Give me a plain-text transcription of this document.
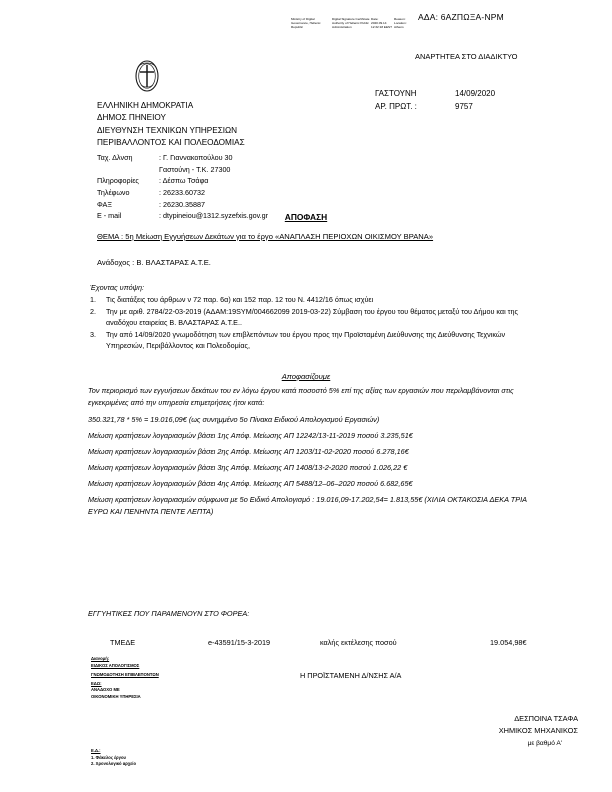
ΑΔΑ: 6ΑΖΠΩΞΑ-ΝΡΜ
Ministry of Digital Governance, Hellenic Republic
Digital Signature Certificate Authority of Hellenic Public Administration
Date: 2020.09.14 12:32:18 EEST
Reason: Location: Athens
ΑΝΑΡΤΗΤΕΑ ΣΤΟ ΔΙΑΔΙΚΤΥΟ
ΕΛΛΗΝΙΚΗ ΔΗΜΟΚΡΑΤΙΑ
ΔΗΜΟΣ ΠΗΝΕΙΟΥ
ΔΙΕΥΘΥΝΣΗ ΤΕΧΝΙΚΩΝ ΥΠΗΡΕΣΙΩΝ
ΠΕΡΙΒΑΛΛΟΝΤΟΣ ΚΑΙ ΠΟΛΕΟΔΟΜΙΑΣ
Ταχ. Δλνση	: Γ. Γιαννακοπούλου 30
Γαστούνη - Τ.Κ. 27300
Πληροφορίες	: Δέσπω Τσάφα
Τηλέφωνο	: 26233.60732
ΦΑΞ	: 26230.35887
E - mail	: dtypineiou@1312.syzefxis.gov.gr
ΓΑΣΤΟΥΝΗ	14/09/2020
ΑΡ. ΠΡΩΤ. :	9757
ΑΠΟΦΑΣΗ
ΘΕΜΑ : 5η Μείωση Εγγυήσεων Δεκάτων για το έργο «ΑΝΑΠΛΑΣΗ ΠΕΡΙΟΧΩΝ ΟΙΚΙΣΜΟΥ ΒΡΑΝΑ»
Ανάδοχος : Β. ΒΛΑΣΤΑΡΑΣ Α.Τ.Ε.
Έχοντας υπόψη:
1. Τις διατάξεις του άρθρων ν 72 παρ. 6α) και 152 παρ. 12 του Ν. 4412/16 όπως ισχύει
2. Την με αριθ. 2784/22-03-2019 (ΑΔΑΜ:19SYM/004662099 2019-03-22) Σύμβαση του έργου του θέματος μεταξύ του Δήμου και της αναδόχου εταιρείας Β. ΒΛΑΣΤΑΡΑΣ Α.Τ.Ε..
3. Την από 14/09/2020 γνωμοδότηση των επιβλεπόντων του έργου προς την Προϊσταμένη Διεύθυνσης της Διεύθυνσης Τεχνικών Υπηρεσιών, Περιβάλλοντος και Πολεοδομίας,
Αποφασίζουμε

Τον περιορισμό των εγγυήσεων δεκάτων του εν λόγω έργου κατά ποσοστό 5% επί της αξίας των εργασιών που περιλαμβάνονται στις εγκεκριμένες από την υπηρεσία επιμετρήσεις ήτοι κατά:

350.321,78 * 5% = 19.016,09€ (ως συνημμένο 5ο Πίνακα Ειδικού Απολογισμού Εργασιών)

Μείωση κρατήσεων λογαριασμών βάσει 1ης Απόφ. Μείωσης ΑΠ 12242/13-11-2019 ποσού 3.235,51€

Μείωση κρατήσεων λογαριασμών βάσει 2ης Απόφ. Μείωσης ΑΠ 1203/11-02-2020 ποσού 6.278,16€

Μείωση κρατήσεων λογαριασμών βάσει 3ης Απόφ. Μείωσης ΑΠ 1408/13-2-2020 ποσού 1.026,22 €

Μείωση κρατήσεων λογαριασμών βάσει 4ης Απόφ. Μείωσης ΑΠ 5488/12–06–2020 ποσού 6.682,65€

Μείωση κρατήσεων λογαριασμών σύμφωνα με 5ο Ειδικό Απολογισμό : 19.016,09-17.202,54= 1.813,55€ (ΧΙΛΙΑ ΟΚΤΑΚΟΣΙΑ ΔΕΚΑ ΤΡΙΑ ΕΥΡΩ ΚΑΙ ΠΕΝΗΝΤΑ ΠΕΝΤΕ ΛΕΠΤΑ)

ΕΓΓΥΗΤΙΚΕΣ ΠΟΥ ΠΑΡΑΜΕΝΟΥΝ ΣΤΟ ΦΟΡΕΑ:
ΤΜΕΔΕ	e-43591/15-3-2019	καλής εκτέλεσης ποσού	19.054,98€
Διανομή:
ΕΙΔΙΚΟΣ ΑΠΟΛΟΓΙΣΜΟΣ
ΓΝΩΜΟΔΟΤΗΣΗ ΕΠΙΒΛΕΠΟΝΤΩΝ
ΕΔΩ:
ΑΝΑΔΟΧΟ ΜΕ
ΟΙΚΟΝΟΜΙΚΗ ΥΠΗΡΕΣΙΑ
Ε.Δ.:
1. Φάκελος έργου
2. Χρονολογικό αρχείο
Η ΠΡΟΪΣΤΑΜΕΝΗ Δ/ΝΣΗΣ Α/Α
ΔΕΣΠΟΙΝΑ ΤΣΑΦΑ
ΧΗΜΙΚΟΣ ΜΗΧΑΝΙΚΟΣ
με βαθμό Α'
